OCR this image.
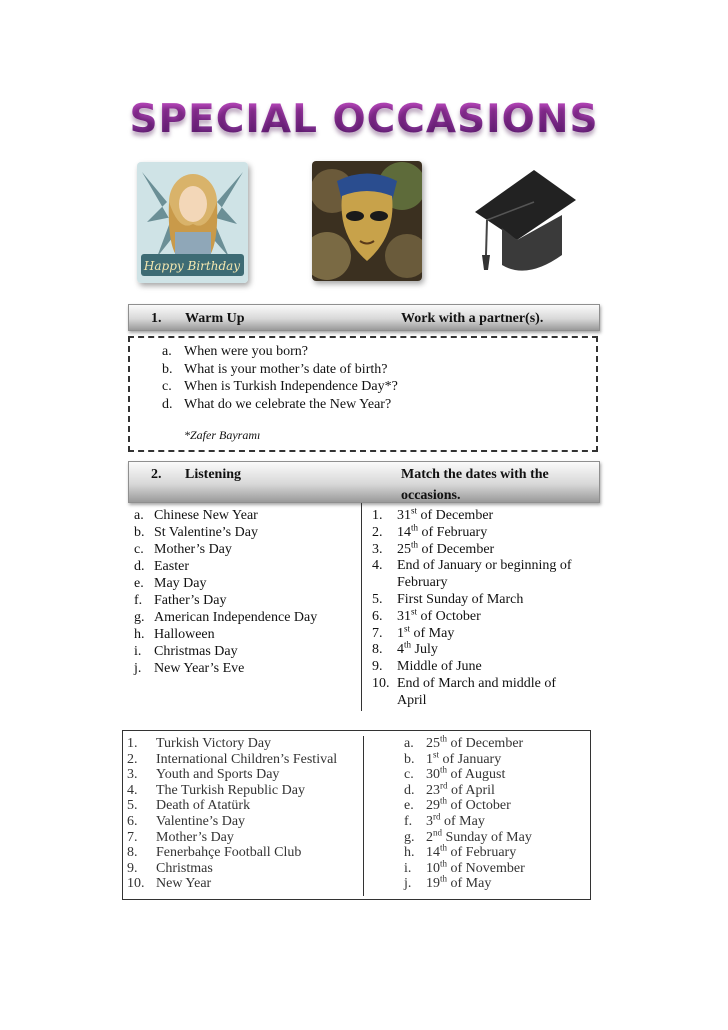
SPECIAL OCCASIONS
Happy Birthday
1. Warm Up	Work with a partner(s).
a. When were you born?
b. What is your mother’s date of birth?
c. When is Turkish Independence Day*?
d. What do we celebrate the New Year?
*Zafer Bayramı
2. Listening	Match the dates with the occasions.
a. Chinese New Year
b. St Valentine’s Day
c. Mother’s Day
d. Easter
e. May Day
f. Father’s Day
g. American Independence Day
h. Halloween
i. Christmas Day
j. New Year’s Eve
1. 31st of December
2. 14th of February
3. 25th of December
4. End of January or beginning of
February
5. First Sunday of March
6. 31st of October
7. 1st of May
8. 4th July
9. Middle of June
10. End of March and middle of
April
1. Turkish Victory Day
2. International Children’s Festival
3. Youth and Sports Day
4. The Turkish Republic Day
5. Death of Atatürk
6. Valentine’s Day
7. Mother’s Day
8. Fenerbahçe Football Club
9. Christmas
10. New Year
a. 25th of December
b. 1st of January
c. 30th of August
d. 23rd of April
e. 29th of October
f. 3rd of May
g. 2nd Sunday of May
h. 14th of February
i. 10th of November
j. 19th of May
